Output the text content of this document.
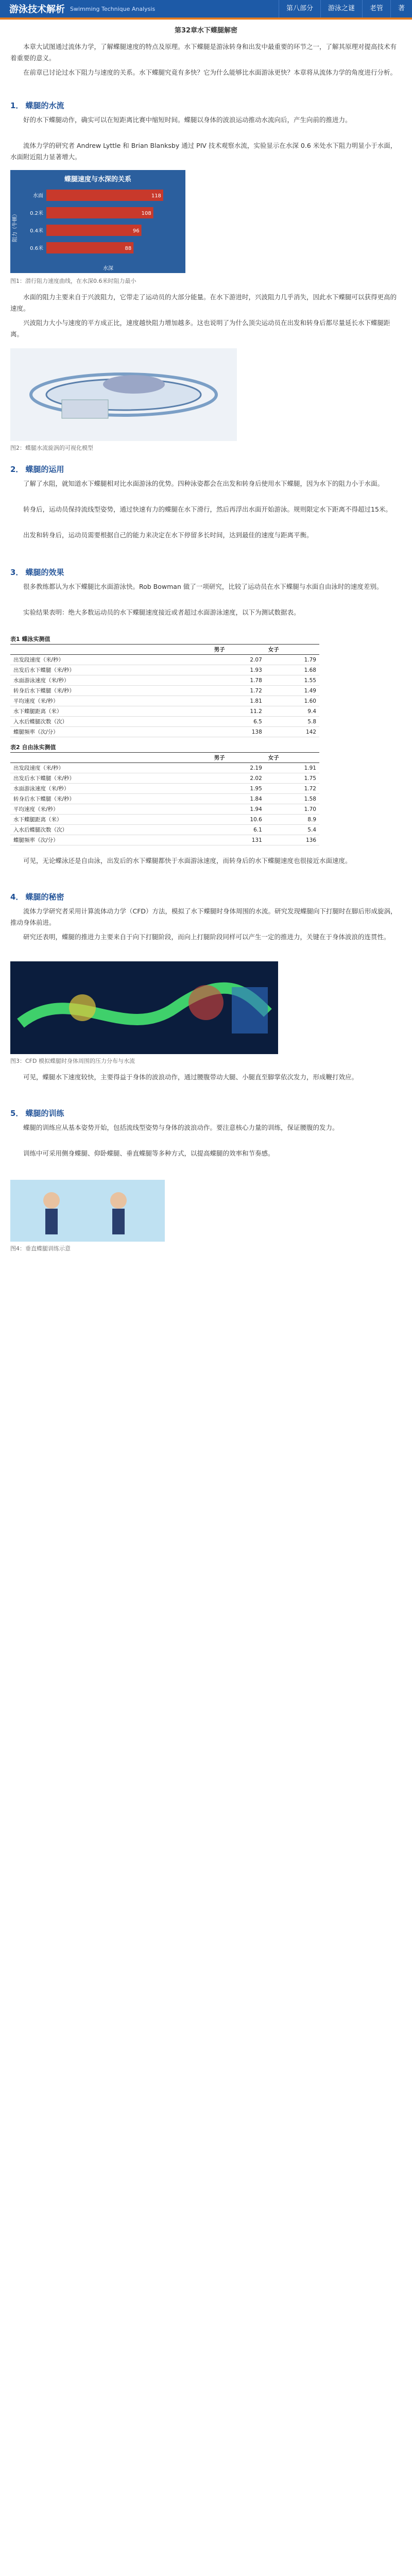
游泳技术解析 Swimming Technique Analysis	第八部分	游泳之谜	老管	著
第32章水下蝶腿解密

本章大试图通过流体力学，了解蝶腿速度的特点及原理。水下蝶腿是游泳转身和出发中最重要的环节之一，了解其原理对提高技术有着重要的意义。

在前章已讨论过水下阻力与速度的关系。水下蝶腿究竟有多快？它为什么能够比水面游泳更快？本章将从流体力学的角度进行分析。

1． 蝶腿的水流

好的水下蝶腿动作，确实可以在短距离比赛中缩短时间。蝶腿以身体的波浪运动推动水流向后，产生向前的推进力。

流体力学的研究者 Andrew Lyttle 和 Brian Blanksby 通过 PIV 技术观察水流，实验显示在水深 0.6 米处水下阻力明显小于水面，水面附近阻力显著增大。

蝶腿速度与水深的关系
水面	118
0.2米	108
0.4米	96
0.6米	88
阻力（牛顿）
水深
图1：潜行阻力速度曲线，在水深0.6米时阻力最小

水面的阻力主要来自于兴波阻力，它带走了运动员的大部分能量。在水下游进时，兴波阻力几乎消失，因此水下蝶腿可以获得更高的速度。

兴波阻力大小与速度的平方成正比，速度越快阻力增加越多。这也说明了为什么顶尖运动员在出发和转身后都尽量延长水下蝶腿距离。

图2：蝶腿水流旋涡的可视化模型
2． 蝶腿的运用

了解了水阻，就知道水下蝶腿相对比水面游泳的优势。四种泳姿都会在出发和转身后使用水下蝶腿，因为水下的阻力小于水面。

转身后，运动员保持流线型姿势，通过快速有力的蝶腿在水下滑行，然后再浮出水面开始游泳。规则限定水下距离不得超过15米。

出发和转身后，运动员需要根据自己的能力来决定在水下停留多长时间，达到最佳的速度与距离平衡。

3． 蝶腿的效果

很多教练都认为水下蝶腿比水面游泳快。Rob Bowman 做了一项研究，比较了运动员在水下蝶腿与水面自由泳时的速度差别。

实验结果表明：绝大多数运动员的水下蝶腿速度接近或者超过水面游泳速度，以下为测试数据表。

表1 蝶泳实测值
	男子	女子
出发段速度（米/秒）	2.07	1.79
出发后水下蝶腿（米/秒）	1.93	1.68
水面游泳速度（米/秒）	1.78	1.55
转身后水下蝶腿（米/秒）	1.72	1.49
平均速度（米/秒）	1.81	1.60
水下蝶腿距离（米）	11.2	9.4
入水后蝶腿次数（次）	6.5	5.8
蝶腿频率（次/分）	138	142
表2 自由泳实测值
	男子	女子
出发段速度（米/秒）	2.19	1.91
出发后水下蝶腿（米/秒）	2.02	1.75
水面游泳速度（米/秒）	1.95	1.72
转身后水下蝶腿（米/秒）	1.84	1.58
平均速度（米/秒）	1.94	1.70
水下蝶腿距离（米）	10.6	8.9
入水后蝶腿次数（次）	6.1	5.4
蝶腿频率（次/分）	131	136

可见，无论蝶泳还是自由泳，出发后的水下蝶腿都快于水面游泳速度，而转身后的水下蝶腿速度也很接近水面速度。

4． 蝶腿的秘密

流体力学研究者采用计算流体动力学（CFD）方法，模拟了水下蝶腿时身体周围的水流。研究发现蝶腿向下打腿时在脚后形成旋涡，推动身体前进。

研究还表明，蝶腿的推进力主要来自于向下打腿阶段，而向上打腿阶段同样可以产生一定的推进力，关键在于身体波浪的连贯性。

图3：CFD 模拟蝶腿时身体周围的压力分布与水流

可见，蝶腿水下速度较快，主要得益于身体的波浪动作，通过腰腹带动大腿、小腿直至脚掌依次发力，形成鞭打效应。

5． 蝶腿的训练

蝶腿的训练应从基本姿势开始，包括流线型姿势与身体的波浪动作。要注意核心力量的训练，保证腰腹的发力。

训练中可采用侧身蝶腿、仰卧蝶腿、垂直蝶腿等多种方式，以提高蝶腿的效率和节奏感。

图4：垂直蝶腿训练示意
